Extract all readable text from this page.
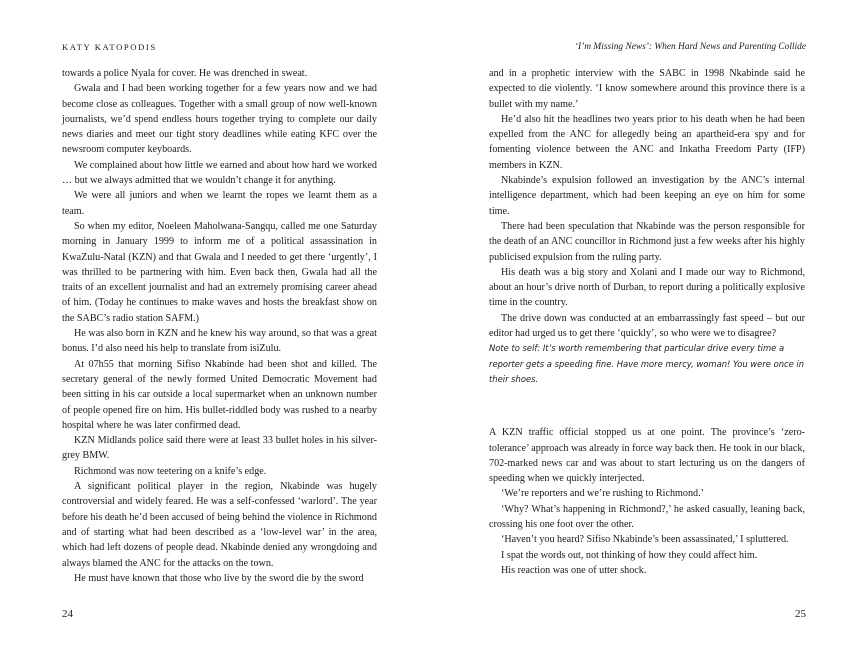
KATY KATOPODIS

towards a police Nyala for cover. He was drenched in sweat.

Gwala and I had been working together for a few years now and we had become close as colleagues. Together with a small group of now well-known journalists, we’d spend endless hours together trying to complete our daily news diaries and meet our tight story deadlines while eating KFC over the newsroom computer keyboards.

We complained about how little we earned and about how hard we worked … but we always admitted that we wouldn’t change it for anything.

We were all juniors and when we learnt the ropes we learnt them as a team.

So when my editor, Noeleen Maholwana-Sangqu, called me one Saturday morning in January 1999 to inform me of a political assassination in KwaZulu-Natal (KZN) and that Gwala and I needed to get there ‘urgently’, I was thrilled to be partnering with him. Even back then, Gwala had all the traits of an excellent journalist and had an extremely promising career ahead of him. (Today he continues to make waves and hosts the breakfast show on the SABC’s radio station SAFM.)

He was also born in KZN and he knew his way around, so that was a great bonus. I’d also need his help to translate from isiZulu.

At 07h55 that morning Sifiso Nkabinde had been shot and killed. The secretary general of the newly formed United Democratic Movement had been sitting in his car outside a local supermarket when an unknown number of people opened fire on him. His bullet-riddled body was rushed to a nearby hospital where he was later confirmed dead.

KZN Midlands police said there were at least 33 bullet holes in his silver-grey BMW.

Richmond was now teetering on a knife’s edge.

A significant political player in the region, Nkabinde was hugely controversial and widely feared. He was a self-confessed ‘warlord’. The year before his death he’d been accused of being behind the violence in Richmond and of starting what had been described as a ‘low-level war’ in the area, which had left dozens of people dead. Nkabinde denied any wrongdoing and always blamed the ANC for the attacks on the town.

He must have known that those who live by the sword die by the sword

24
‘I’m Missing News’: When Hard News and Parenting Collide

and in a prophetic interview with the SABC in 1998 Nkabinde said he expected to die violently. ‘I know somewhere around this province there is a bullet with my name.’

He’d also hit the headlines two years prior to his death when he had been expelled from the ANC for allegedly being an apartheid-era spy and for fomenting violence between the ANC and Inkatha Freedom Party (IFP) members in KZN.

Nkabinde’s expulsion followed an investigation by the ANC’s internal intelligence department, which had been keeping an eye on him for some time.

There had been speculation that Nkabinde was the person responsible for the death of an ANC councillor in Richmond just a few weeks after his highly publicised expulsion from the ruling party.

His death was a big story and Xolani and I made our way to Richmond, about an hour’s drive north of Durban, to report during a politically explosive time in the country.

The drive down was conducted at an embarrassingly fast speed – but our editor had urged us to get there ‘quickly’, so who were we to disagree?

Note to self: It’s worth remembering that particular drive every time a reporter gets a speeding fine. Have more mercy, woman! You were once in their shoes.

A KZN traffic official stopped us at one point. The province’s ‘zero-tolerance’ approach was already in force way back then. He took in our black, 702-marked news car and was about to start lecturing us on the dangers of speeding when we quickly interjected.

‘We’re reporters and we’re rushing to Richmond.’

‘Why? What’s happening in Richmond?,’ he asked casually, leaning back, crossing his one foot over the other.

‘Haven’t you heard? Sifiso Nkabinde’s been assassinated,’ I spluttered.

I spat the words out, not thinking of how they could affect him.

His reaction was one of utter shock.

25
